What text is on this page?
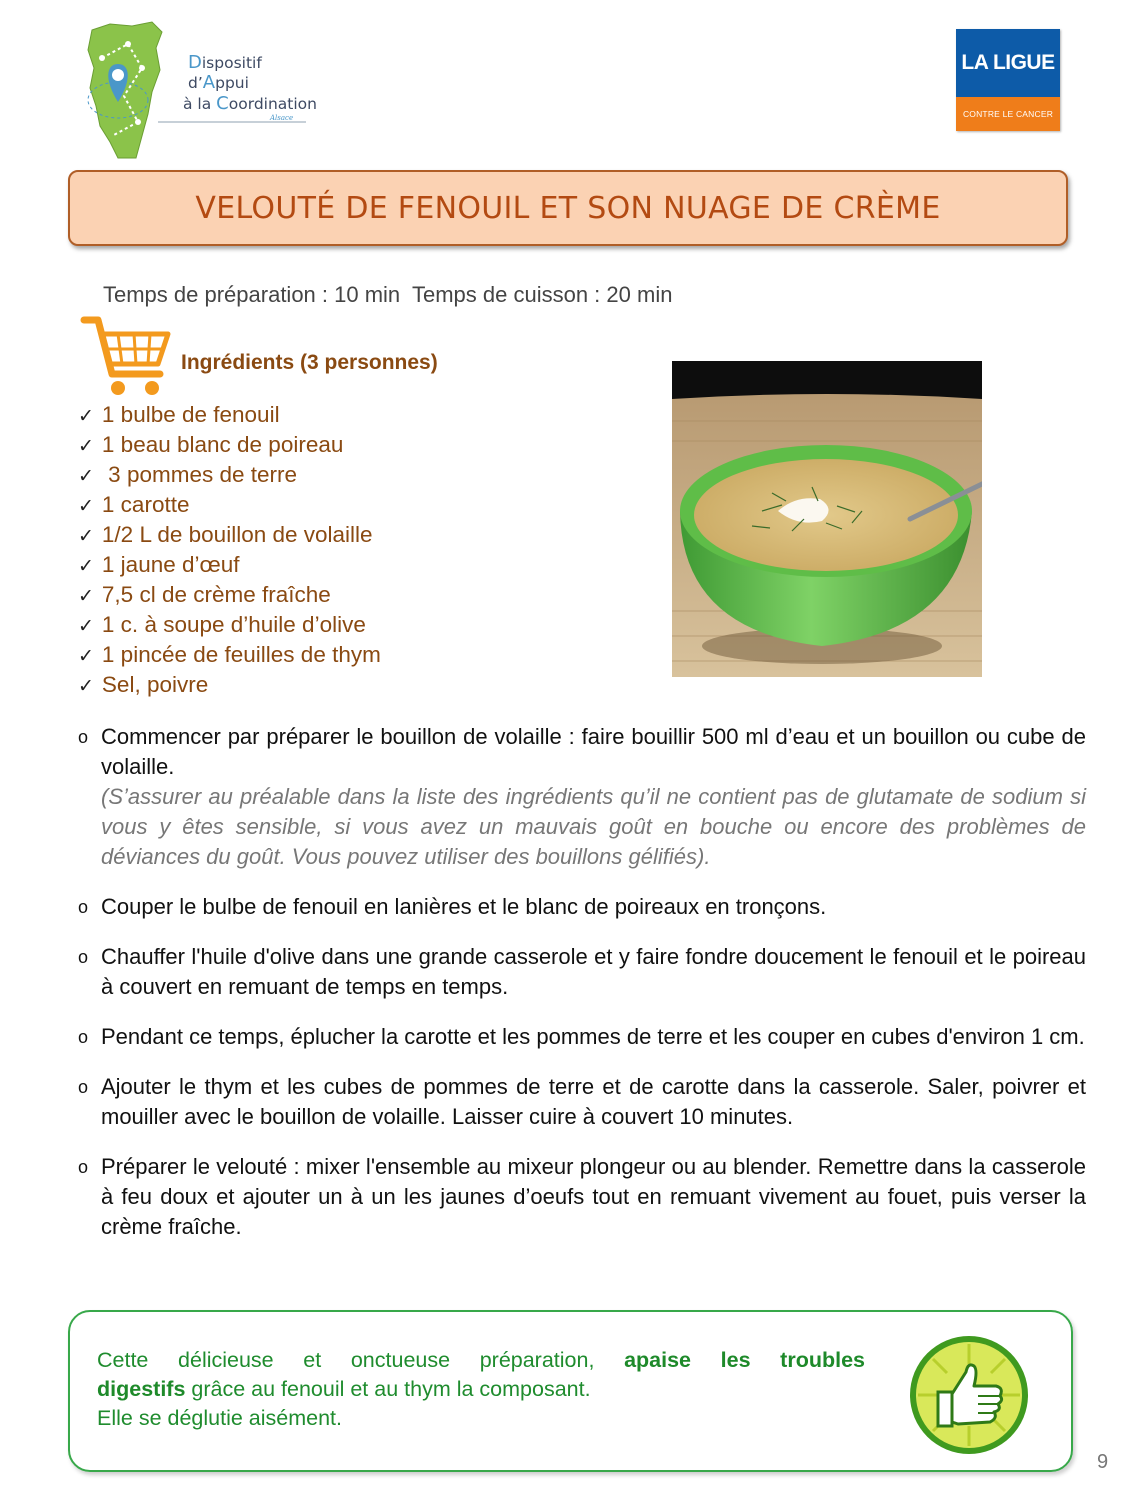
Dispositif
d’Appui
à la Coordination
Alsace
LA LIGUE
CONTRE LE CANCER
VELOUTÉ DE FENOUIL ET SON NUAGE DE CRÈME
Temps de préparation : 10 min  Temps de cuisson : 20 min
Ingrédients (3 personnes)
✓ 1 bulbe de fenouil
✓ 1 beau blanc de poireau
✓ 3 pommes de terre
✓ 1 carotte
✓ 1/2 L de bouillon de volaille
✓ 1 jaune d’œuf
✓ 7,5 cl de crème fraîche
✓ 1 c. à soupe d’huile d’olive
✓ 1 pincée de feuilles de thym
✓ Sel, poivre
o Commencer par préparer le bouillon de volaille : faire bouillir 500 ml d’eau et un bouillon ou cube de volaille.
(S’assurer au préalable dans la liste des ingrédients qu’il ne contient pas de glutamate de sodium si vous y êtes sensible, si vous avez un mauvais goût en bouche ou encore des problèmes de déviances du goût. Vous pouvez utiliser des bouillons gélifiés).
o Couper le bulbe de fenouil en lanières et le blanc de poireaux en tronçons.
o Chauffer l'huile d'olive dans une grande casserole et y faire fondre doucement le fenouil et le poireau à couvert en remuant de temps en temps.
o Pendant ce temps, éplucher la carotte et les pommes de terre et les couper en cubes d'environ 1 cm.
o Ajouter le thym et les cubes de pommes de terre et de carotte dans la casserole. Saler, poivrer et mouiller avec le bouillon de volaille. Laisser cuire à couvert 10 minutes.
o Préparer le velouté : mixer l'ensemble au mixeur plongeur ou au blender. Remettre dans la casserole à feu doux et ajouter un à un les jaunes d’oeufs tout en remuant vivement au fouet, puis verser la crème fraîche.
Cette délicieuse et onctueuse préparation, apaise les troubles
digestifs grâce au fenouil et au thym la composant.
Elle se déglutie aisément.
9
